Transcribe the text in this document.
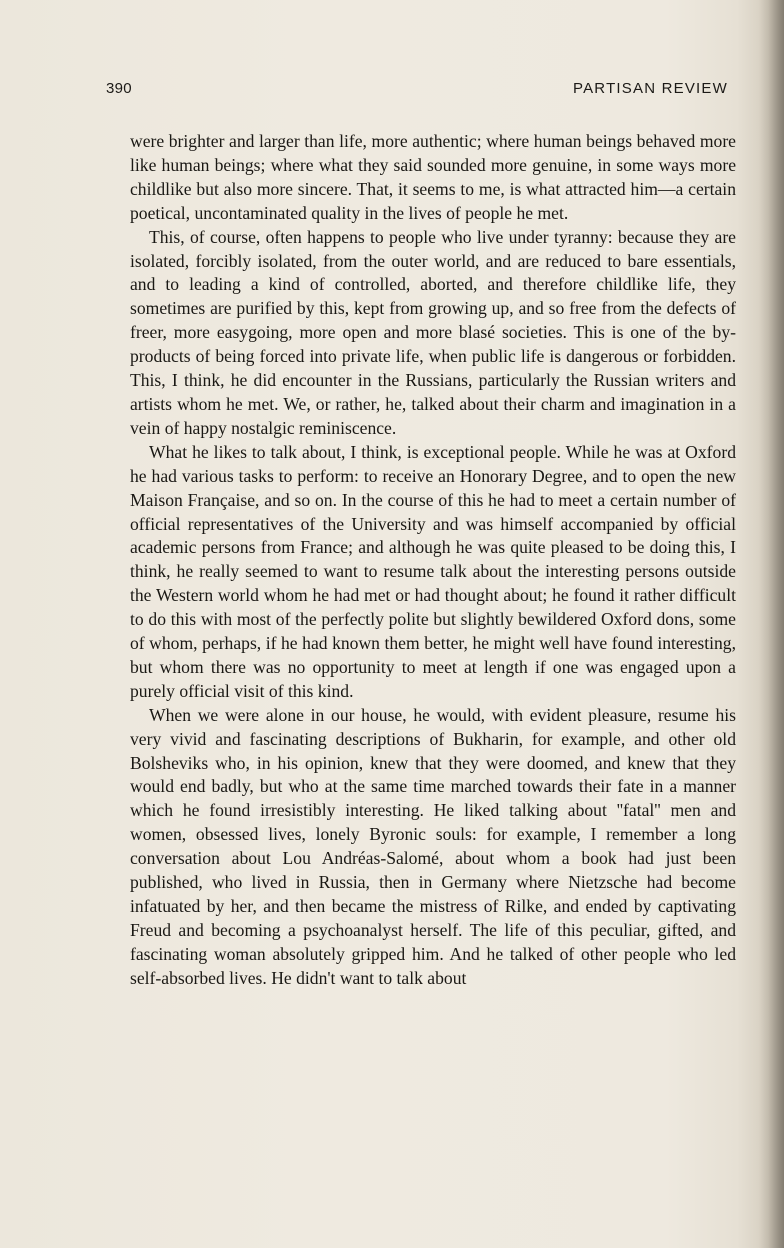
390	PARTISAN REVIEW

were brighter and larger than life, more authentic; where human beings behaved more like human beings; where what they said sounded more genuine, in some ways more childlike but also more sincere. That, it seems to me, is what attracted him—a certain poetical, uncontaminated quality in the lives of people he met.

This, of course, often happens to people who live under tyranny: because they are isolated, forcibly isolated, from the outer world, and are reduced to bare essentials, and to leading a kind of controlled, aborted, and therefore childlike life, they sometimes are purified by this, kept from growing up, and so free from the defects of freer, more easygoing, more open and more blasé societies. This is one of the by-products of being forced into private life, when public life is dangerous or forbidden. This, I think, he did encounter in the Russians, particularly the Russian writers and artists whom he met. We, or rather, he, talked about their charm and imagination in a vein of happy nostalgic reminiscence.

What he likes to talk about, I think, is exceptional people. While he was at Oxford he had various tasks to perform: to receive an Honorary Degree, and to open the new Maison Française, and so on. In the course of this he had to meet a certain number of official representatives of the University and was himself accompanied by official academic persons from France; and although he was quite pleased to be doing this, I think, he really seemed to want to resume talk about the interesting persons outside the Western world whom he had met or had thought about; he found it rather difficult to do this with most of the perfectly polite but slightly bewildered Oxford dons, some of whom, perhaps, if he had known them better, he might well have found interesting, but whom there was no opportunity to meet at length if one was engaged upon a purely official visit of this kind.

When we were alone in our house, he would, with evident pleasure, resume his very vivid and fascinating descriptions of Bukharin, for example, and other old Bolsheviks who, in his opinion, knew that they were doomed, and knew that they would end badly, but who at the same time marched towards their fate in a manner which he found irresistibly interesting. He liked talking about ''fatal'' men and women, obsessed lives, lonely Byronic souls: for example, I remember a long conversation about Lou Andréas-Salomé, about whom a book had just been published, who lived in Russia, then in Germany where Nietzsche had become infatuated by her, and then became the mistress of Rilke, and ended by captivating Freud and becoming a psychoanalyst herself. The life of this peculiar, gifted, and fascinating woman absolutely gripped him. And he talked of other people who led self-absorbed lives. He didn't want to talk about
